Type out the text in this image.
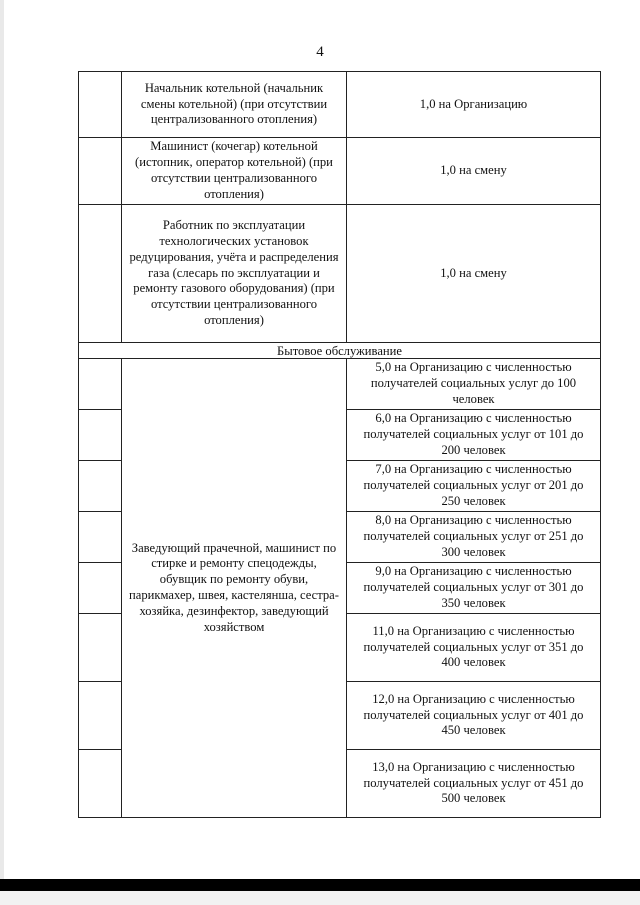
4
	Начальник котельной (начальник смены котельной) (при отсутствии централизованного отопления)	1,0 на Организацию
	Машинист (кочегар) котельной (истопник, оператор котельной) (при отсутствии централизованного отопления)	1,0 на смену
	Работник по эксплуатации технологических установок редуцирования, учёта и распределения газа (слесарь по эксплуатации и ремонту газового оборудования) (при отсутствии централизованного отопления)	1,0 на смену
Бытовое обслуживание		
	Заведующий прачечной, машинист по стирке и ремонту спецодежды, обувщик по ремонту обуви, парикмахер, швея, кастелянша, сестра-хозяйка, дезинфектор, заведующий хозяйством	5,0 на Организацию с численностью получателей социальных услуг до 100 человек
		6,0 на Организацию с численностью получателей социальных услуг от 101 до 200 человек
		7,0 на Организацию с численностью получателей социальных услуг от 201 до 250 человек
		8,0 на Организацию с численностью получателей социальных услуг от 251 до 300 человек
		9,0 на Организацию с численностью получателей социальных услуг от 301 до 350 человек
		11,0 на Организацию с численностью получателей социальных услуг от 351 до 400 человек
		12,0 на Организацию с численностью получателей социальных услуг от 401 до 450 человек
		13,0 на Организацию с численностью получателей социальных услуг от 451 до 500 человек
